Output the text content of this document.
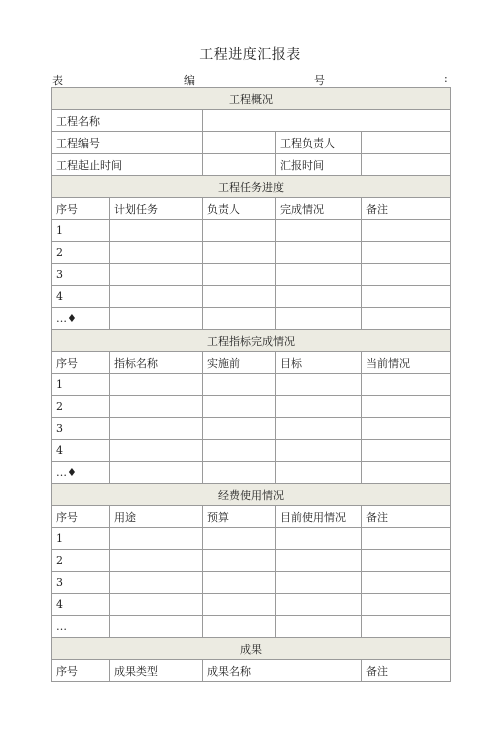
工程进度汇报表
表	编	号	:
工程概况				
工程名称				
工程编号			工程负责人	
工程起止时间			汇报时间	
工程任务进度				
序号	计划任务	负责人	完成情况	备注
1				
2				
3				
4				
…♦				
工程指标完成情况				
序号	指标名称	实施前	目标	当前情况
1				
2				
3				
4				
…♦				
经费使用情况				
序号	用途	预算	目前使用情况	备注
1				
2				
3				
4				
…				
成果				
序号	成果类型	成果名称		备注
